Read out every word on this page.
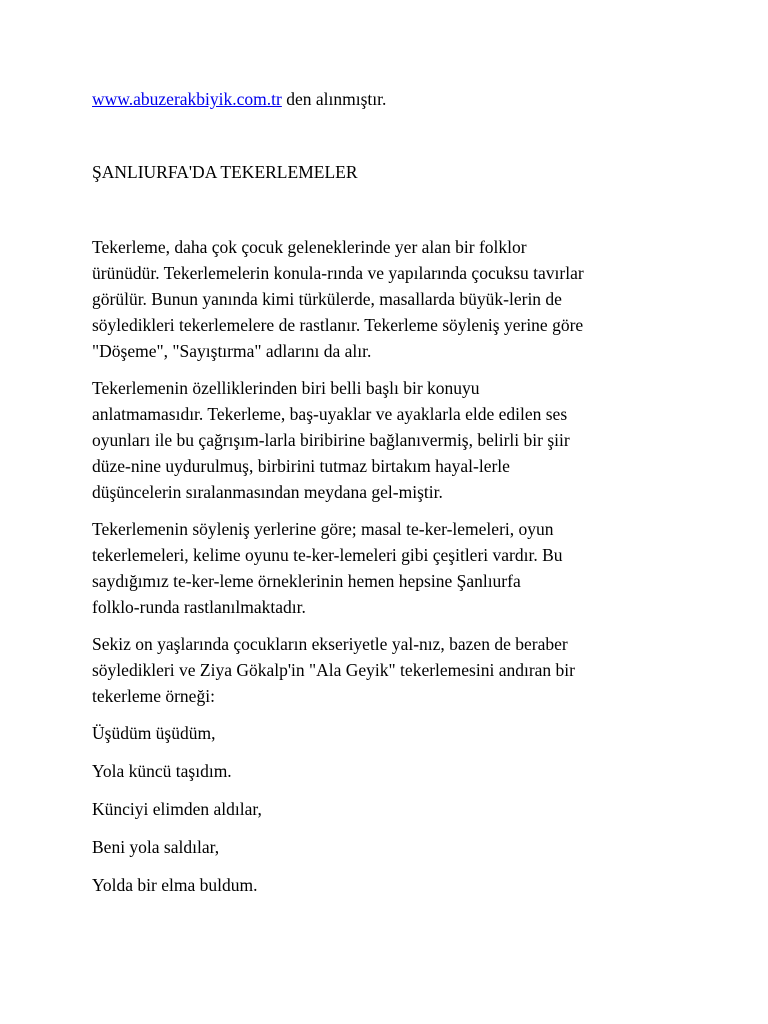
www.abuzerakbiyik.com.tr den alınmıştır.
ŞANLIURFA'DA TEKERLEMELER

Tekerleme, daha çok çocuk geleneklerinde yer alan bir folklor
ürünüdür. Tekerlemelerin konula-rında ve yapılarında çocuksu tavırlar
görülür. Bunun yanında kimi türkülerde, masallarda büyük-lerin de
söyledikleri tekerlemelere de rastlanır. Tekerleme söyleniş yerine göre
"Döşeme", "Sayıştırma" adlarını da alır.

Tekerlemenin özelliklerinden biri belli başlı bir konuyu
anlatmamasıdır. Tekerleme, baş-uyaklar ve ayaklarla elde edilen ses
oyunları ile bu çağrışım-larla biribirine bağlanıvermiş, belirli bir şiir
düze-nine uydurulmuş, birbirini tutmaz birtakım hayal-lerle
düşüncelerin sıralanmasından meydana gel-miştir.

Tekerlemenin söyleniş yerlerine göre; masal te-ker-lemeleri, oyun
tekerlemeleri, kelime oyunu te-ker-lemeleri gibi çeşitleri vardır. Bu
saydığımız te-ker-leme örneklerinin hemen hepsine Şanlıurfa
folklo-runda rastlanılmaktadır.

Sekiz on yaşlarında çocukların ekseriyetle yal-nız, bazen de beraber
söyledikleri ve Ziya Gökalp'in "Ala Geyik" tekerlemesini andıran bir
tekerleme örneği:

Üşüdüm üşüdüm,

Yola küncü taşıdım.

Künciyi elimden aldılar,

Beni yola saldılar,

Yolda bir elma buldum.
